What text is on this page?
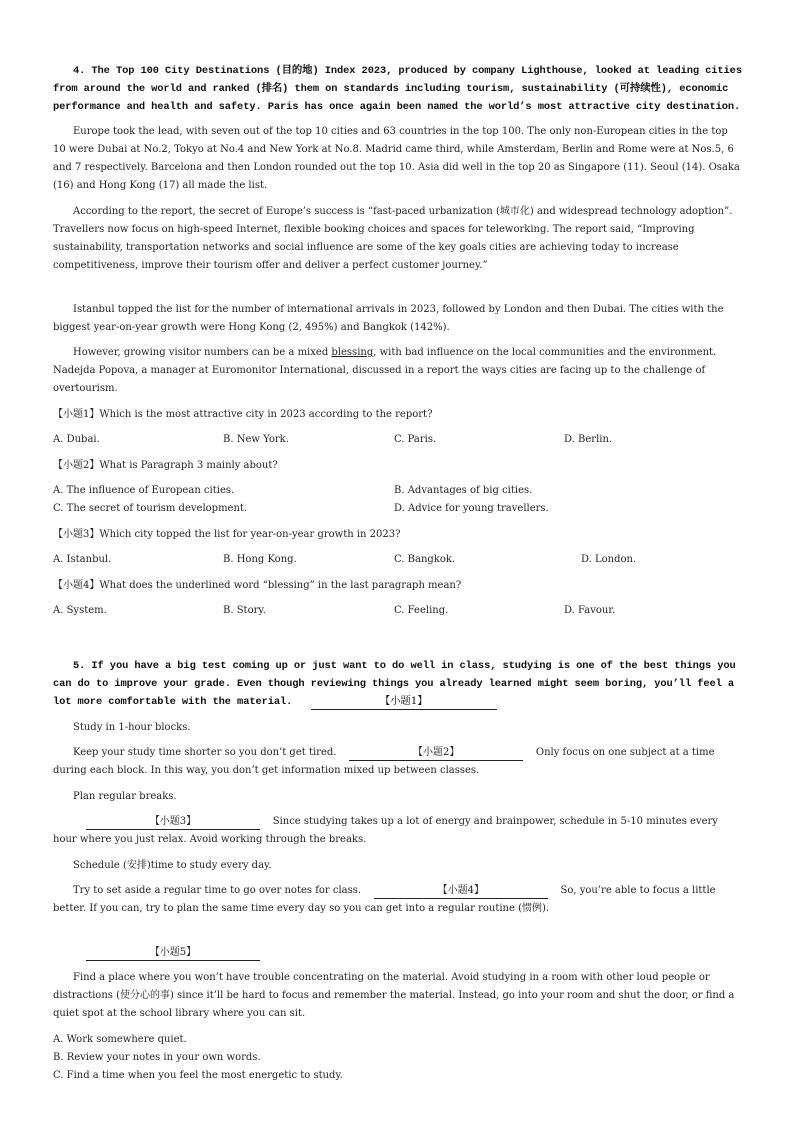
4. The Top 100 City Destinations (目的地) Index 2023, produced by company Lighthouse, looked at leading cities from around the world and ranked (排名) them on standards including tourism, sustainability (可持续性), economic performance and health and safety. Paris has once again been named the world’s most attractive city destination.

Europe took the lead, with seven out of the top 10 cities and 63 countries in the top 100. The only non-European cities in the top 10 were Dubai at No.2, Tokyo at No.4 and New York at No.8. Madrid came third, while Amsterdam, Berlin and Rome were at Nos.5, 6 and 7 respectively. Barcelona and then London rounded out the top 10. Asia did well in the top 20 as Singapore (11). Seoul (14). Osaka (16) and Hong Kong (17) all made the list.

According to the report, the secret of Europe’s success is “fast-paced urbanization (城市化) and widespread technology adoption”. Travellers now focus on high-speed Internet, flexible booking choices and spaces for teleworking. The report said, “Improving sustainability, transportation networks and social influence are some of the key goals cities are achieving today to increase competitiveness, improve their tourism offer and deliver a perfect customer journey.”

Istanbul topped the list for the number of international arrivals in 2023, followed by London and then Dubai. The cities with the biggest year-on-year growth were Hong Kong (2, 495%) and Bangkok (142%).

However, growing visitor numbers can be a mixed blessing, with bad influence on the local communities and the environment. Nadejda Popova, a manager at Euromonitor International, discussed in a report the ways cities are facing up to the challenge of overtourism.

【小题1】Which is the most attractive city in 2023 according to the report?
A. Dubai.	B. New York.	C. Paris.	D. Berlin.
【小题2】What is Paragraph 3 mainly about?
A. The influence of European cities.	B. Advantages of big cities.
C. The secret of tourism development.	D. Advice for young travellers.
【小题3】Which city topped the list for year-on-year growth in 2023?
A. Istanbul.	B. Hong Kong.	C. Bangkok.	D. London.
【小题4】What does the underlined word “blessing” in the last paragraph mean?
A. System.	B. Story.	C. Feeling.	D. Favour.

5. If you have a big test coming up or just want to do well in class, studying is one of the best things you can do to improve your grade. Even though reviewing things you already learned might seem boring, you’ll feel a lot more comfortable with the material.	【小题1】

Study in 1-hour blocks.

Keep your study time shorter so you don’t get tired.	【小题2】	Only focus on one subject at a time during each block. In this way, you don’t get information mixed up between classes.

Plan regular breaks.

【小题3】	Since studying takes up a lot of energy and brainpower, schedule in 5-10 minutes every hour where you just relax. Avoid working through the breaks.

Schedule (安排)time to study every day.

Try to set aside a regular time to go over notes for class.	【小题4】	So, you’re able to focus a little better. If you can, try to plan the same time every day so you can get into a regular routine (惯例).

【小题5】

Find a place where you won’t have trouble concentrating on the material. Avoid studying in a room with other loud people or distractions (使分心的事) since it’ll be hard to focus and remember the material. Instead, go into your room and shut the door, or find a quiet spot at the school library where you can sit.

A. Work somewhere quiet.
B. Review your notes in your own words.
C. Find a time when you feel the most energetic to study.
